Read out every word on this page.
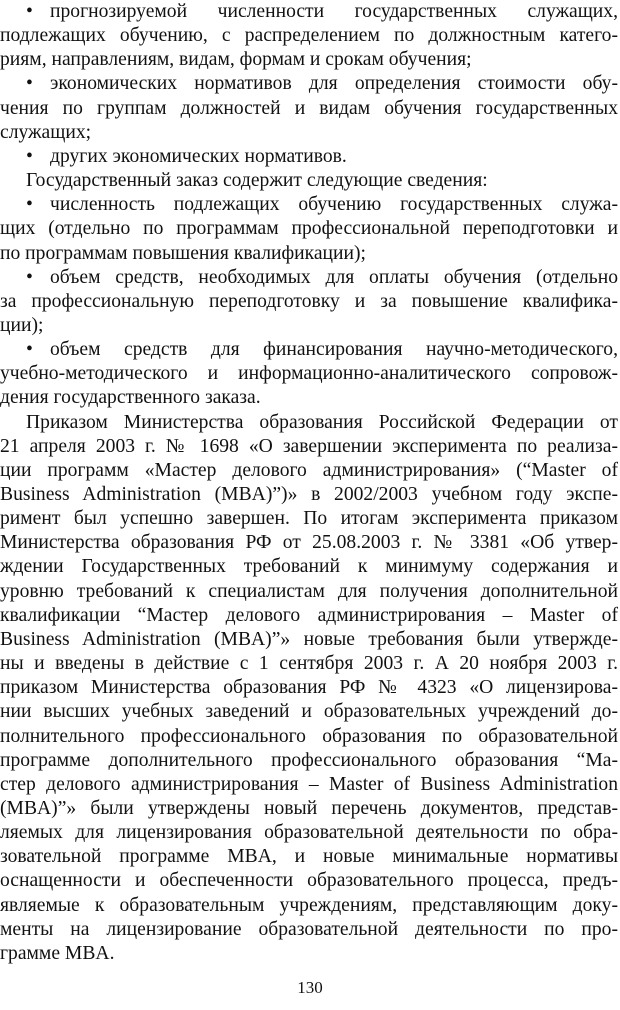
• прогнозируемой численности государственных служащих,
подлежащих обучению, с распределением по должностным катего-
риям, направлениям, видам, формам и срокам обучения;
• экономических нормативов для определения стоимости обу-
чения по группам должностей и видам обучения государственных
служащих;
• других экономических нормативов.
Государственный заказ содержит следующие сведения:
• численность подлежащих обучению государственных служа-
щих (отдельно по программам профессиональной переподготовки и
по программам повышения квалификации);
• объем средств, необходимых для оплаты обучения (отдельно
за профессиональную переподготовку и за повышение квалифика-
ции);
• объем средств для финансирования научно-методического,
учебно-методического и информационно-аналитического сопровож-
дения государственного заказа.
Приказом Министерства образования Российской Федерации от
21 апреля 2003 г. № 1698 «О завершении эксперимента по реализа-
ции программ «Мастер делового администрирования» (“Master of
Business Administration (MBA)”)» в 2002/2003 учебном году экспе-
римент был успешно завершен. По итогам эксперимента приказом
Министерства образования РФ от 25.08.2003 г. № 3381 «Об утвер-
ждении Государственных требований к минимуму содержания и
уровню требований к специалистам для получения дополнительной
квалификации “Мастер делового администрирования – Master of
Business Administration (MBA)”» новые требования были утвержде-
ны и введены в действие с 1 сентября 2003 г. А 20 ноября 2003 г.
приказом Министерства образования РФ № 4323 «О лицензирова-
нии высших учебных заведений и образовательных учреждений до-
полнительного профессионального образования по образовательной
программе дополнительного профессионального образования “Ма-
стер делового администрирования – Master of Business Administration
(MBA)”» были утверждены новый перечень документов, представ-
ляемых для лицензирования образовательной деятельности по обра-
зовательной программе MBA, и новые минимальные нормативы
оснащенности и обеспеченности образовательного процесса, предъ-
являемые к образовательным учреждениям, представляющим доку-
менты на лицензирование образовательной деятельности по про-
грамме MBA.
130
